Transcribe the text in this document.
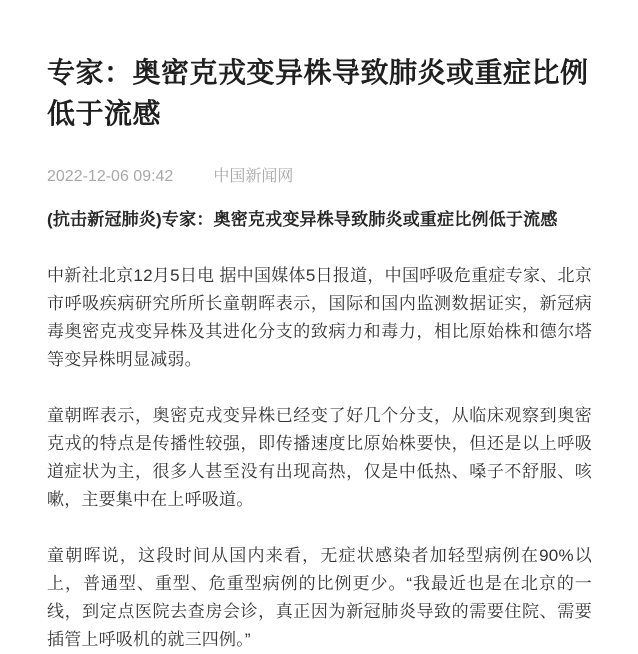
专家：奥密克戎变异株导致肺炎或重症比例低于流感
2022-12-06 09:42	中国新闻网

(抗击新冠肺炎)专家：奥密克戎变异株导致肺炎或重症比例低于流感

中新社北京12月5日电 据中国媒体5日报道，中国呼吸危重症专家、北京市呼吸疾病研究所所长童朝晖表示，国际和国内监测数据证实，新冠病毒奥密克戎变异株及其进化分支的致病力和毒力，相比原始株和德尔塔等变异株明显减弱。

童朝晖表示，奥密克戎变异株已经变了好几个分支，从临床观察到奥密克戎的特点是传播性较强，即传播速度比原始株要快，但还是以上呼吸道症状为主，很多人甚至没有出现高热，仅是中低热、嗓子不舒服、咳嗽，主要集中在上呼吸道。

童朝晖说，这段时间从国内来看，无症状感染者加轻型病例在90%以上，普通型、重型、危重型病例的比例更少。“我最近也是在北京的一线，到定点医院去查房会诊，真正因为新冠肺炎导致的需要住院、需要插管上呼吸机的就三四例。”
